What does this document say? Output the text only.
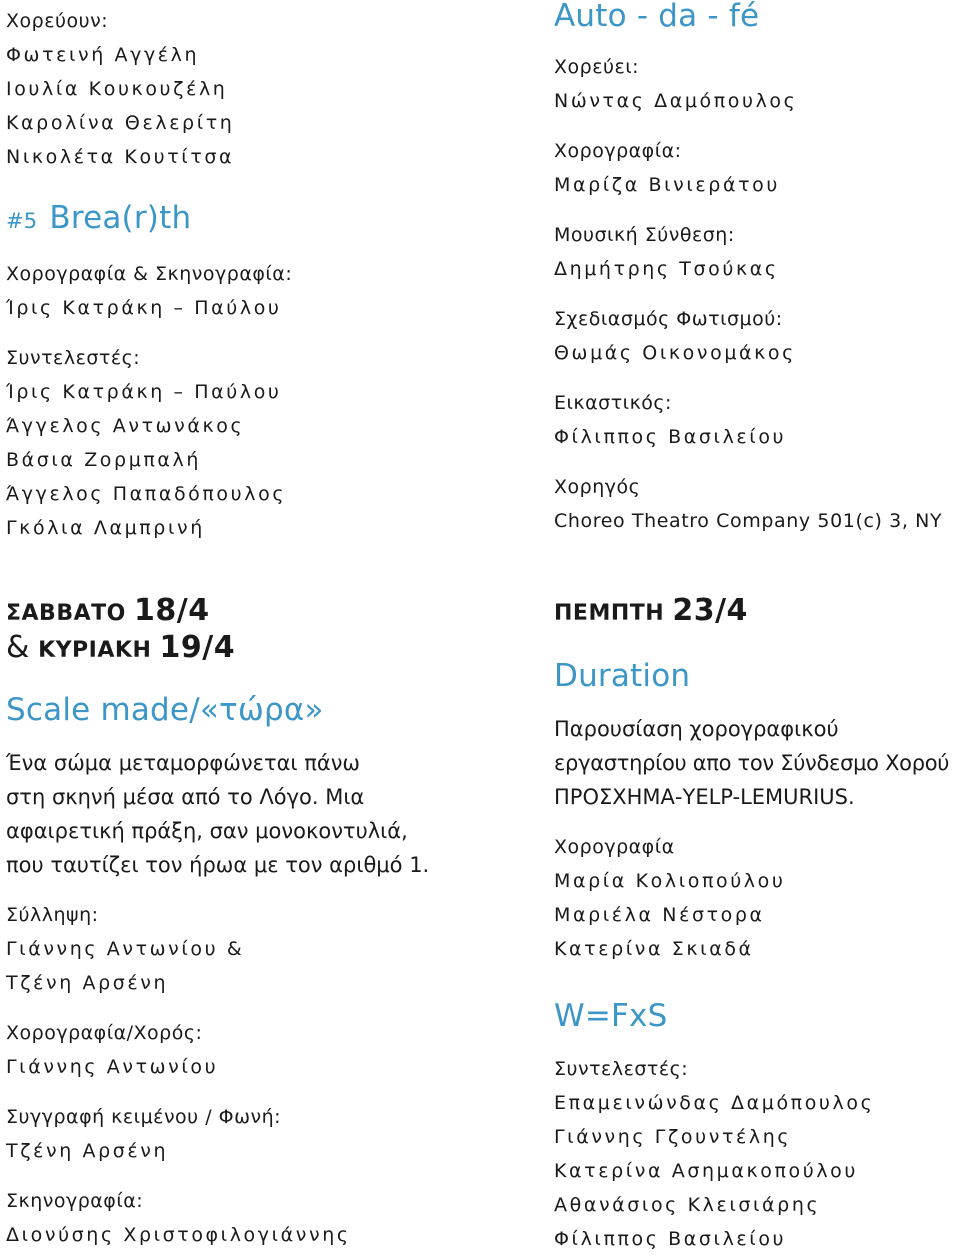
Χορεύουν:
Φωτεινή Αγγέλη
Ιουλία Κουκουζέλη
Καρολίνα Θελερίτη
Νικολέτα Κουτίτσα
#5 Brea(r)th
Χορογραφία & Σκηνογραφία:
Ίρις Κατράκη – Παύλου
Συντελεστές:
Ίρις Κατράκη – Παύλου
Άγγελος Αντωνάκος
Βάσια Ζορμπαλή
Άγγελος Παπαδόπουλος
Γκόλια Λαμπρινή
ΣΑΒΒΑΤΟ 18/4
& ΚΥΡΙΑΚΗ 19/4
Scale made/«τώρα»
Ένα σώμα μεταμορφώνεται πάνω
στη σκηνή μέσα από το Λόγο. Μια
αφαιρετική πράξη, σαν μονοκοντυλιά,
που ταυτίζει τον ήρωα με τον αριθμό 1.
Σύλληψη:
Γιάννης Αντωνίου &
Τζένη Αρσένη
Χορογραφία/Χορός:
Γιάννης Αντωνίου
Συγγραφή κειμένου / Φωνή:
Τζένη Αρσένη
Σκηνογραφία:
Διονύσης Χριστοφιλογιάννης
Auto - da - fé
Χορεύει:
Νώντας Δαμόπουλος
Χορογραφία:
Μαρίζα Βινιεράτου
Μουσική Σύνθεση:
Δημήτρης Τσούκας
Σχεδιασμός Φωτισμού:
Θωμάς Οικονομάκος
Εικαστικός:
Φίλιππος Βασιλείου
Χορηγός
Choreo Theatro Company 501(c) 3, NY
ΠΕΜΠΤΗ 23/4
Duration
Παρουσίαση χορογραφικού
εργαστηρίου απο τον Σύνδεσμο Χορού
ΠΡΟΣΧΗΜΑ-YELP-LEMURIUS.
Χορογραφία
Μαρία Κολιοπούλου
Μαριέλα Νέστορα
Κατερίνα Σκιαδά
W=FxS
Συντελεστές:
Επαμεινώνδας Δαμόπουλος
Γιάννης Γζουντέλης
Κατερίνα Ασημακοπούλου
Αθανάσιος Κλεισιάρης
Φίλιππος Βασιλείου
